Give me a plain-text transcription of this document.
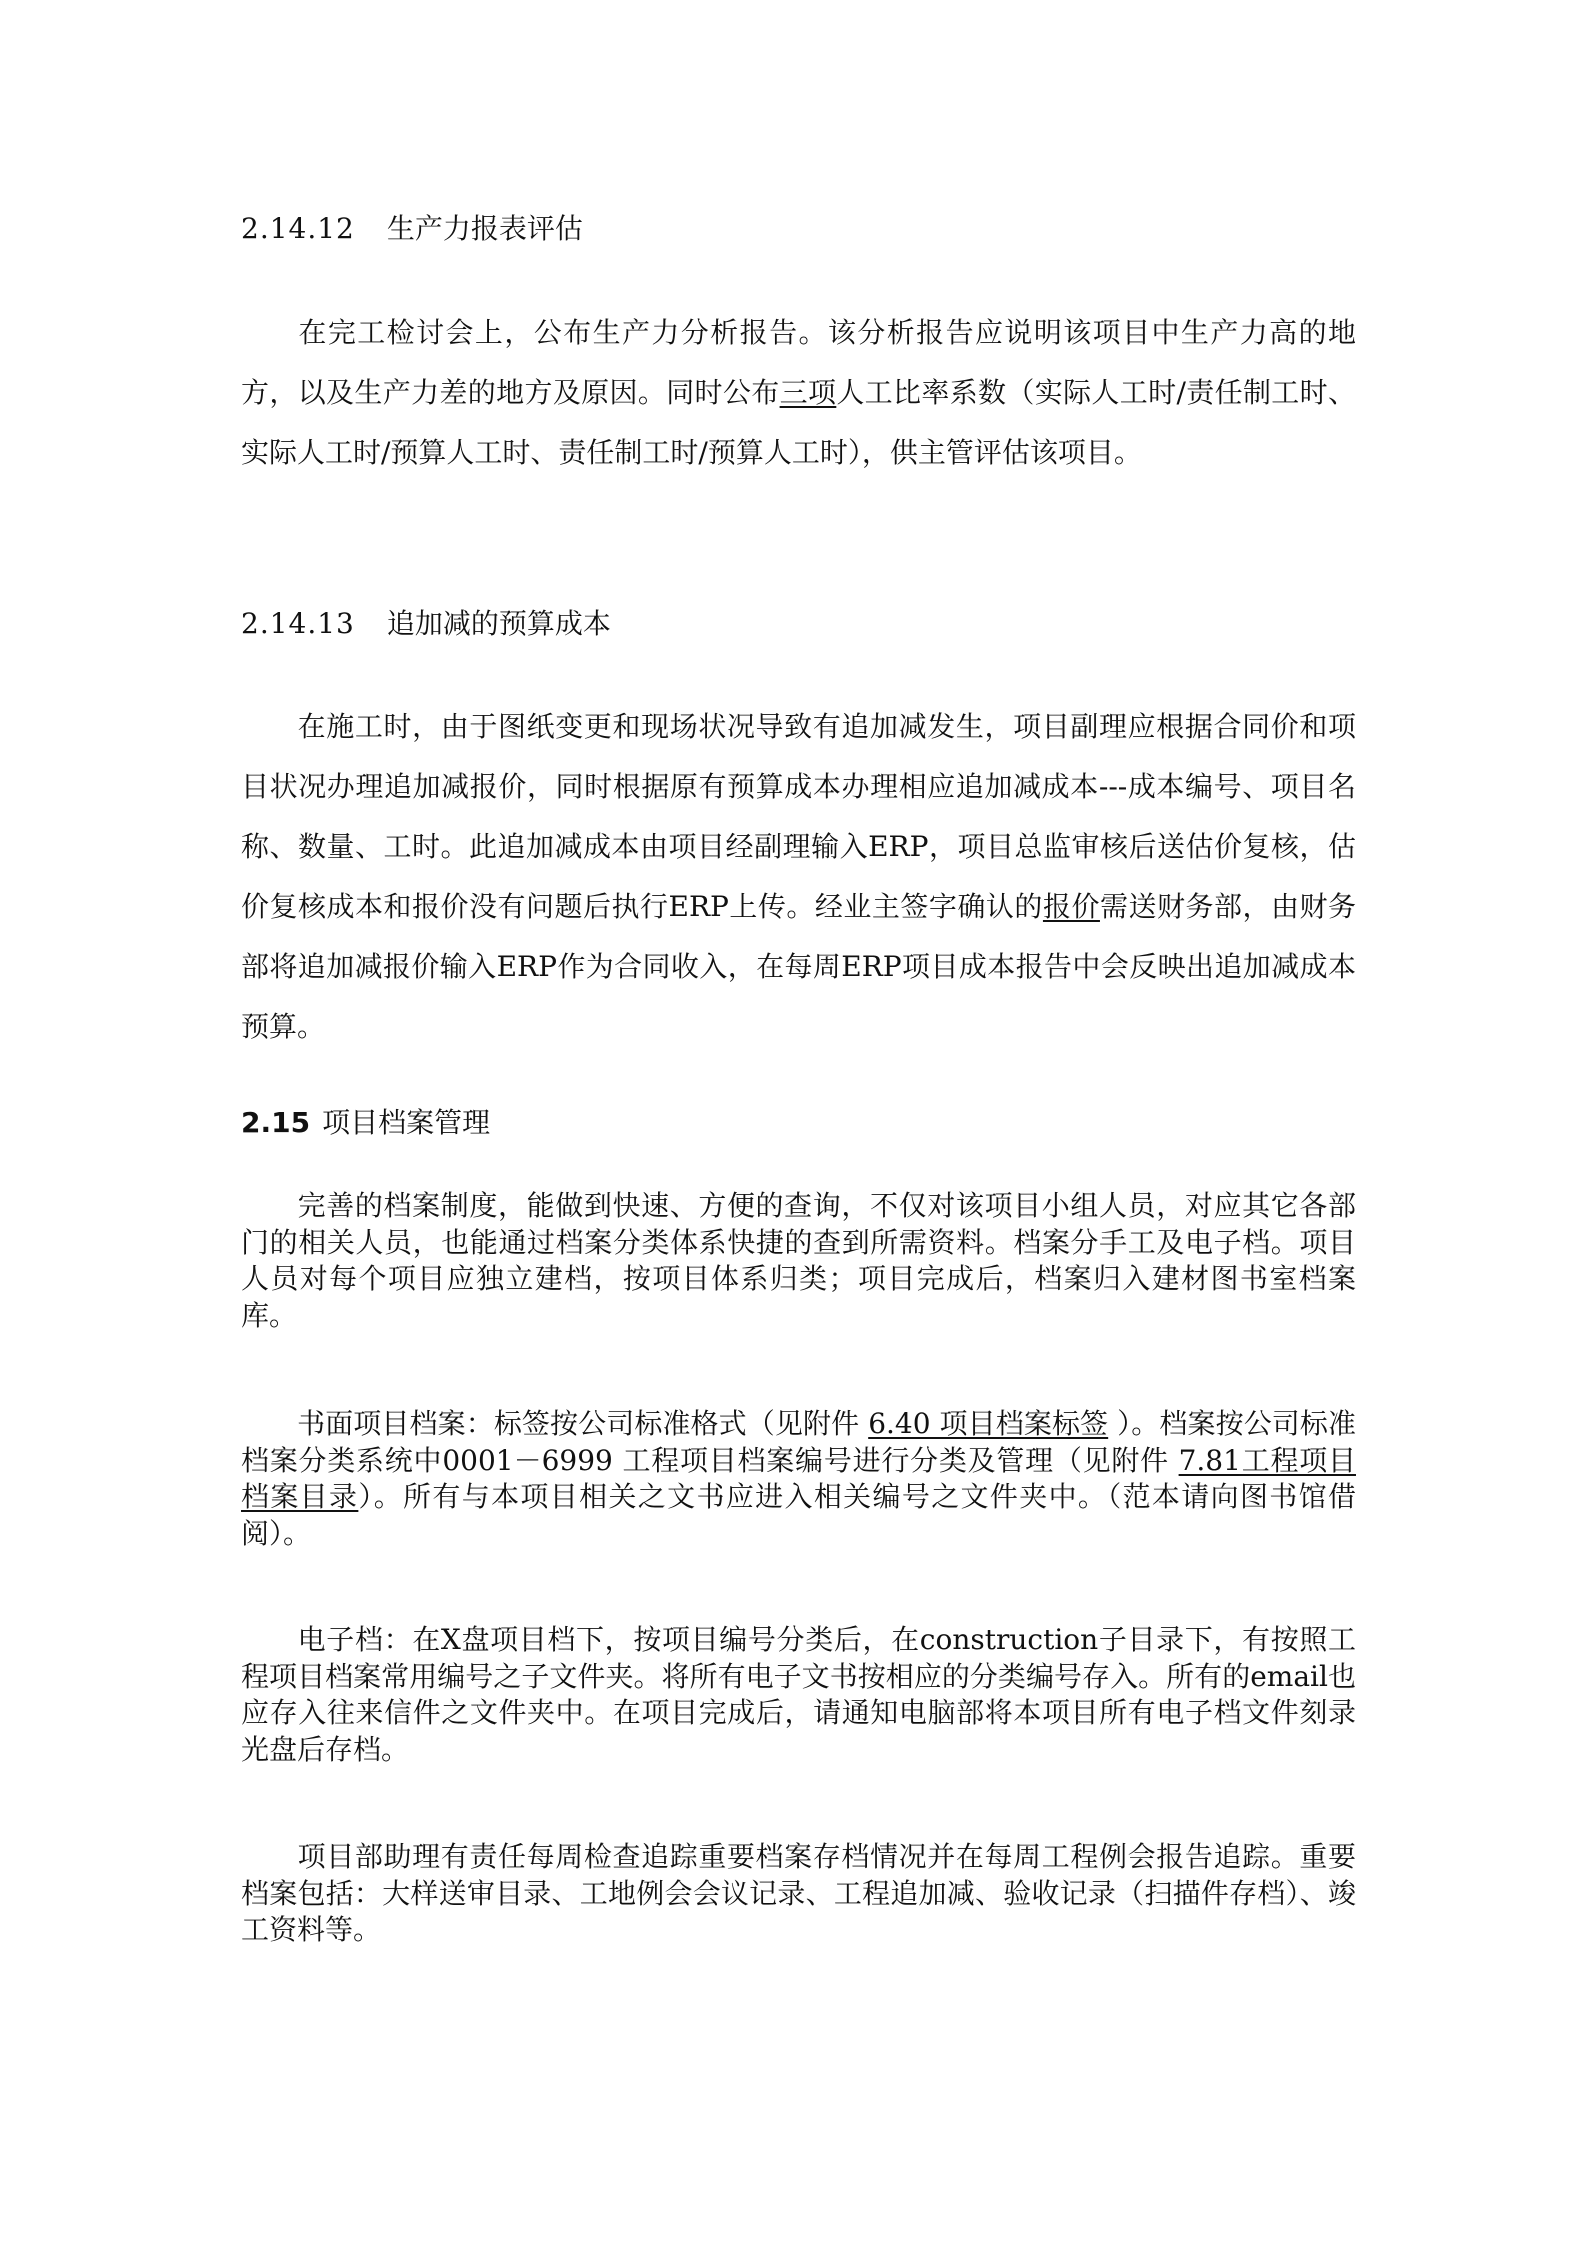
2.14.12 生产力报表评估
在完工检讨会上，公布生产力分析报告。该分析报告应说明该项目中生产力高的地方，以及生产力差的地方及原因。同时公布三项人工比率系数（实际人工时/责任制工时、实际人工时/预算人工时、责任制工时/预算人工时），供主管评估该项目。
2.14.13 追加减的预算成本
在施工时，由于图纸变更和现场状况导致有追加减发生，项目副理应根据合同价和项目状况办理追加减报价，同时根据原有预算成本办理相应追加减成本---成本编号、项目名称、数量、工时。此追加减成本由项目经副理输入ERP，项目总监审核后送估价复核，估价复核成本和报价没有问题后执行ERP上传。经业主签字确认的报价需送财务部，由财务部将追加减报价输入ERP作为合同收入，在每周ERP项目成本报告中会反映出追加减成本预算。
2.15 项目档案管理
完善的档案制度，能做到快速、方便的查询，不仅对该项目小组人员，对应其它各部门的相关人员，也能通过档案分类体系快捷的查到所需资料。档案分手工及电子档。项目人员对每个项目应独立建档，按项目体系归类；项目完成后，档案归入建材图书室档案库。
书面项目档案：标签按公司标准格式（见附件 6.40 项目档案标签 ）。档案按公司标准档案分类系统中0001－6999 工程项目档案编号进行分类及管理（见附件 7.81工程项目档案目录）。所有与本项目相关之文书应进入相关编号之文件夹中。（范本请向图书馆借阅）。
电子档：在X盘项目档下，按项目编号分类后，在construction子目录下，有按照工程项目档案常用编号之子文件夹。将所有电子文书按相应的分类编号存入。所有的email也应存入往来信件之文件夹中。在项目完成后，请通知电脑部将本项目所有电子档文件刻录光盘后存档。
项目部助理有责任每周检查追踪重要档案存档情况并在每周工程例会报告追踪。重要档案包括：大样送审目录、工地例会会议记录、工程追加减、验收记录（扫描件存档）、竣工资料等。
